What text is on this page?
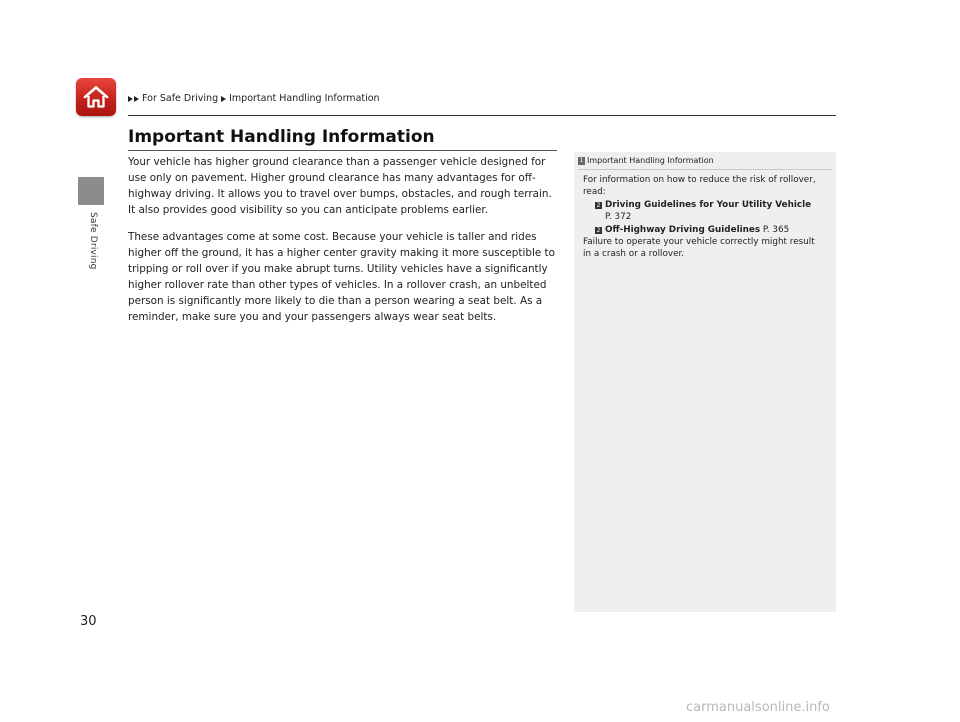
For Safe Driving Important Handling Information
Safe Driving
30
Important Handling Information

Your vehicle has higher ground clearance than a passenger vehicle designed for use only on pavement. Higher ground clearance has many advantages for off-highway driving. It allows you to travel over bumps, obstacles, and rough terrain. It also provides good visibility so you can anticipate problems earlier.

These advantages come at some cost. Because your vehicle is taller and rides higher off the ground, it has a higher center gravity making it more susceptible to tripping or roll over if you make abrupt turns. Utility vehicles have a significantly higher rollover rate than other types of vehicles. In a rollover crash, an unbelted person is significantly more likely to die than a person wearing a seat belt. As a reminder, make sure you and your passengers always wear seat belts.

1 Important Handling Information

For information on how to reduce the risk of rollover,

read:

2 Driving Guidelines for Your Utility Vehicle

P. 372

2 Off-Highway Driving Guidelines P. 365

Failure to operate your vehicle correctly might result

in a crash or a rollover.

carmanualsonline.info
